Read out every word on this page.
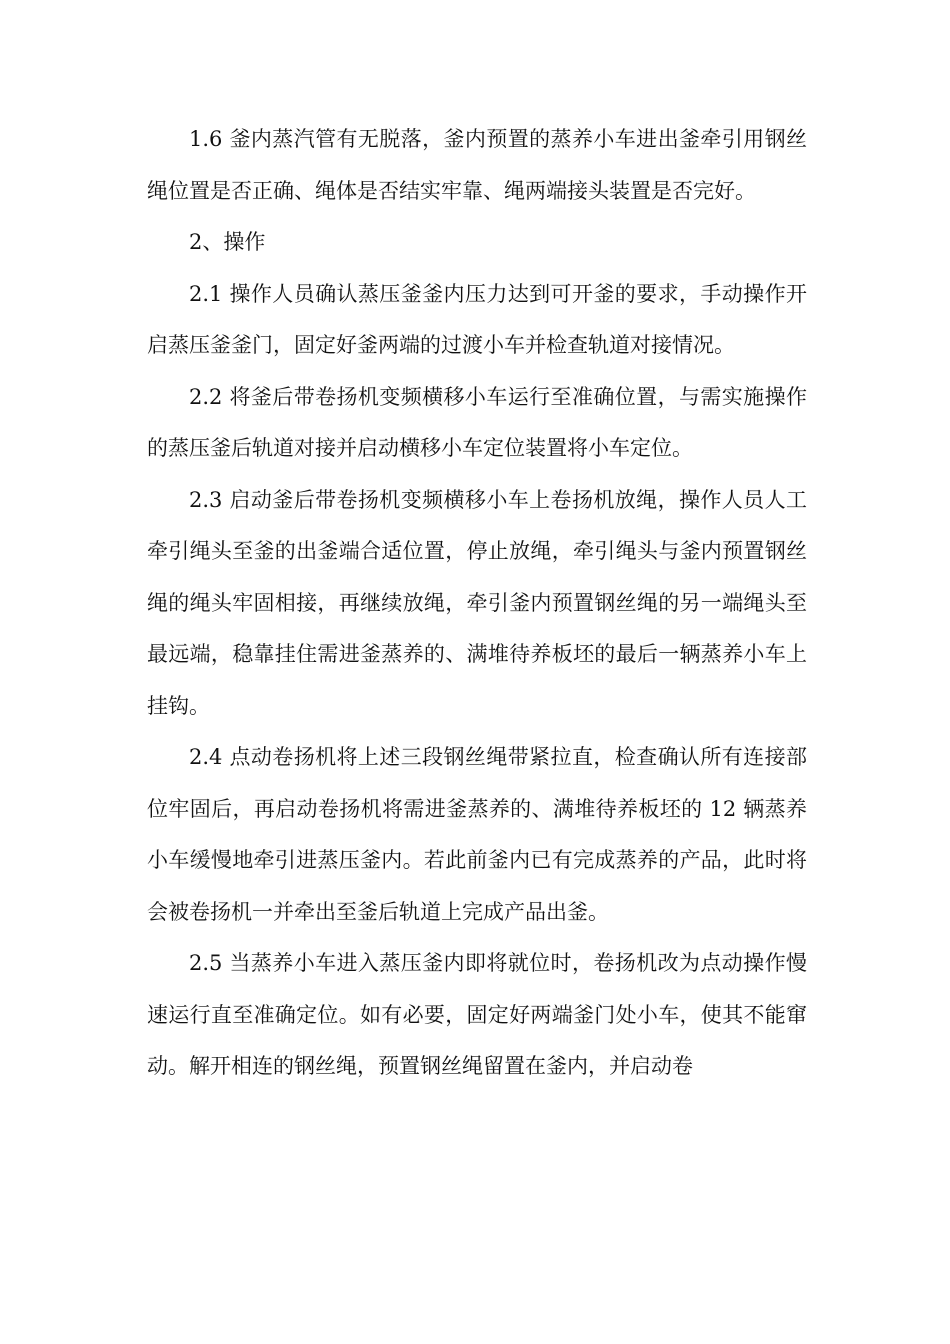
1.6 釜内蒸汽管有无脱落，釜内预置的蒸养小车进出釜牵引用钢丝绳位置是否正确、绳体是否结实牢靠、绳两端接头装置是否完好。

2、操作

2.1 操作人员确认蒸压釜釜内压力达到可开釜的要求，手动操作开启蒸压釜釜门，固定好釜两端的过渡小车并检查轨道对接情况。

2.2 将釜后带卷扬机变频横移小车运行至准确位置，与需实施操作的蒸压釜后轨道对接并启动横移小车定位装置将小车定位。

2.3 启动釜后带卷扬机变频横移小车上卷扬机放绳，操作人员人工牵引绳头至釜的出釜端合适位置，停止放绳，牵引绳头与釜内预置钢丝绳的绳头牢固相接，再继续放绳，牵引釜内预置钢丝绳的另一端绳头至最远端，稳靠挂住需进釜蒸养的、满堆待养板坯的最后一辆蒸养小车上挂钩。

2.4 点动卷扬机将上述三段钢丝绳带紧拉直，检查确认所有连接部位牢固后，再启动卷扬机将需进釜蒸养的、满堆待养板坯的 12 辆蒸养小车缓慢地牵引进蒸压釜内。若此前釜内已有完成蒸养的产品，此时将会被卷扬机一并牵出至釜后轨道上完成产品出釜。

2.5 当蒸养小车进入蒸压釜内即将就位时，卷扬机改为点动操作慢速运行直至准确定位。如有必要，固定好两端釜门处小车，使其不能窜动。解开相连的钢丝绳，预置钢丝绳留置在釜内，并启动卷
